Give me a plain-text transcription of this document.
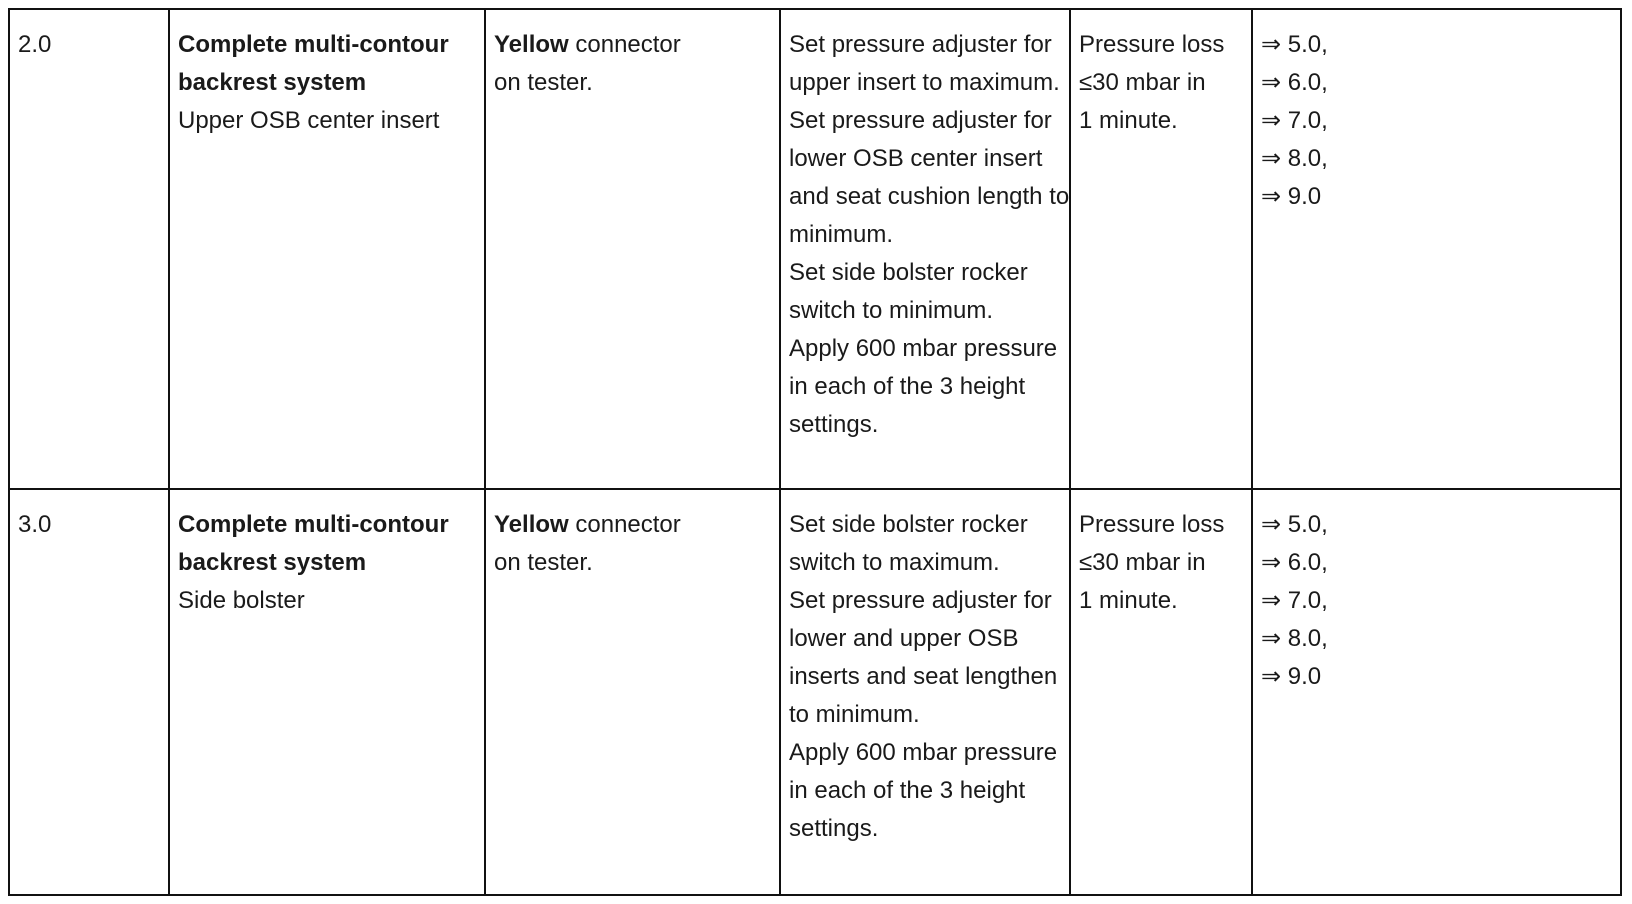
2.0	Complete multi-contour
backrest system
Upper OSB center insert
Yellow connector
on tester.
Set pressure adjuster for
upper insert to maximum.
Set pressure adjuster for
lower OSB center insert
and seat cushion length to
minimum.
Set side bolster rocker
switch to minimum.
Apply 600 mbar pressure
in each of the 3 height
settings.
Pressure loss
≤30 mbar in
1 minute.
⇒ 5.0,
⇒ 6.0,
⇒ 7.0,
⇒ 8.0,
⇒ 9.0
3.0	Complete multi-contour
backrest system
Side bolster
Yellow connector
on tester.
Set side bolster rocker
switch to maximum.
Set pressure adjuster for
lower and upper OSB
inserts and seat lengthen
to minimum.
Apply 600 mbar pressure
in each of the 3 height
settings.
Pressure loss
≤30 mbar in
1 minute.
⇒ 5.0,
⇒ 6.0,
⇒ 7.0,
⇒ 8.0,
⇒ 9.0
